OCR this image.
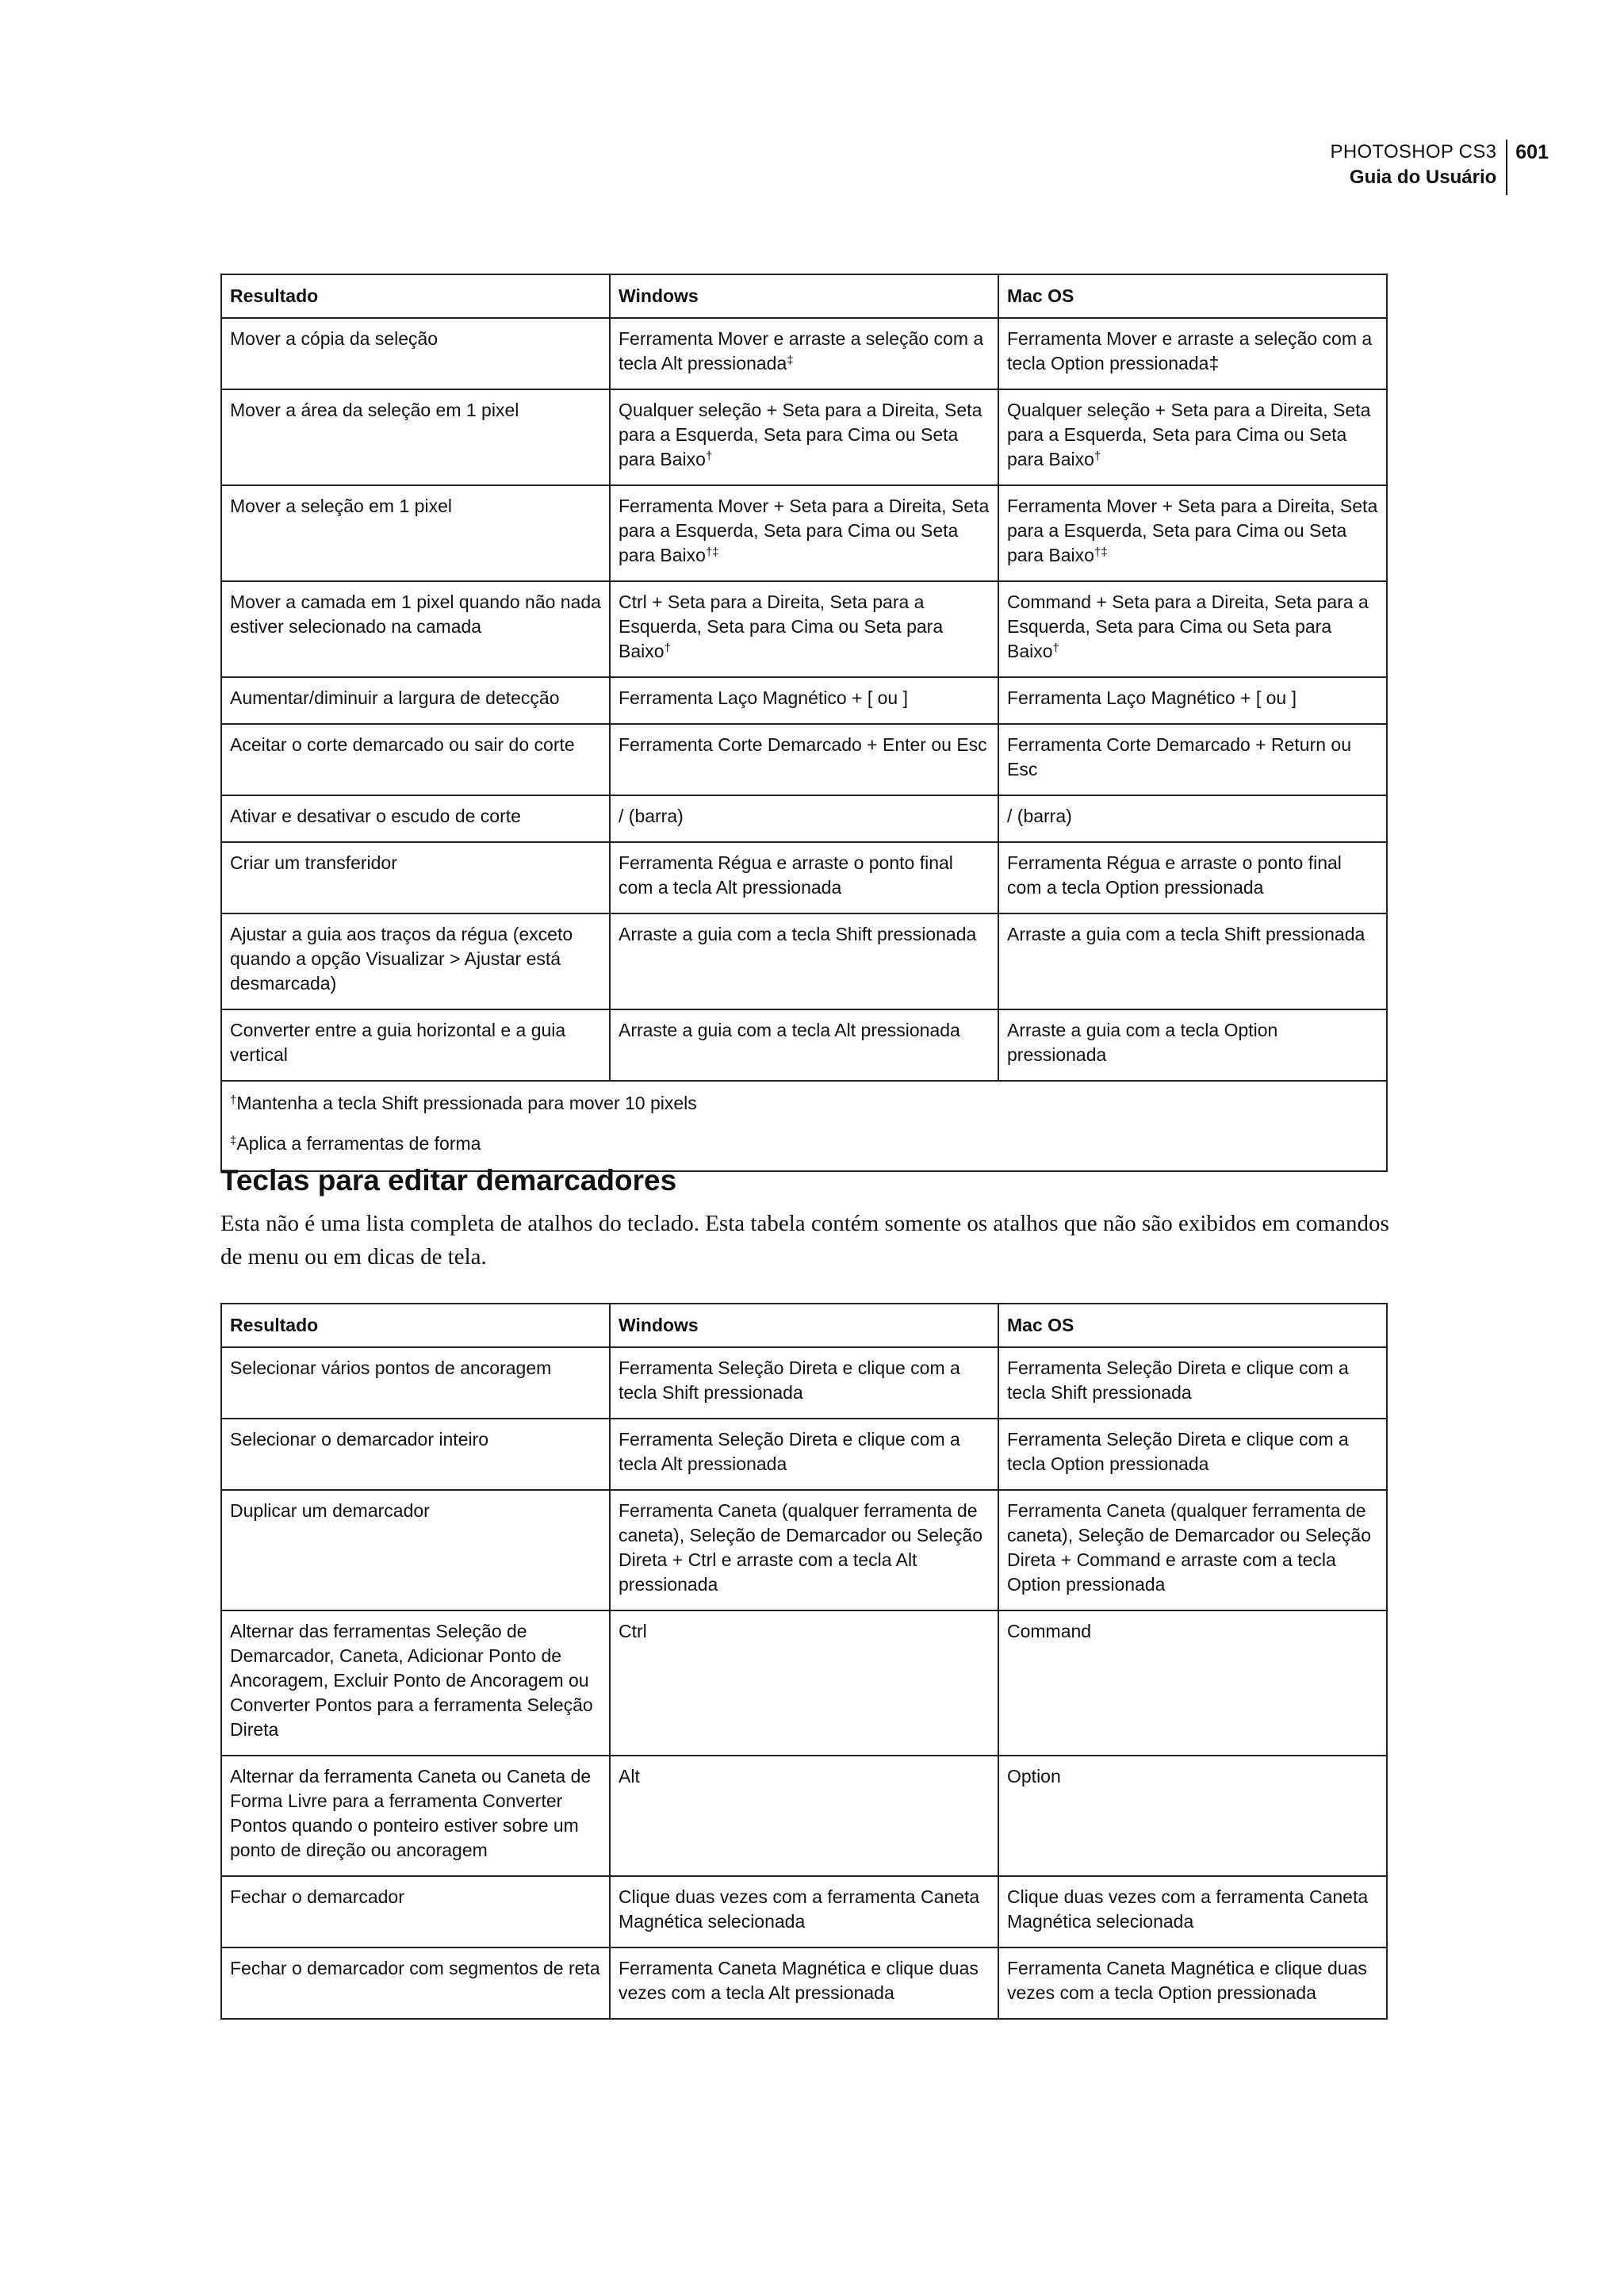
PHOTOSHOP CS3
Guia do Usuário
601
Resultado	Windows	Mac OS
Mover a cópia da seleção	Ferramenta Mover e arraste a seleção com a tecla Alt pressionada‡	Ferramenta Mover e arraste a seleção com a tecla Option pressionada‡
Mover a área da seleção em 1 pixel	Qualquer seleção + Seta para a Direita, Seta para a Esquerda, Seta para Cima ou Seta para Baixo†	Qualquer seleção + Seta para a Direita, Seta para a Esquerda, Seta para Cima ou Seta para Baixo†
Mover a seleção em 1 pixel	Ferramenta Mover + Seta para a Direita, Seta para a Esquerda, Seta para Cima ou Seta para Baixo†‡	Ferramenta Mover + Seta para a Direita, Seta para a Esquerda, Seta para Cima ou Seta para Baixo†‡
Mover a camada em 1 pixel quando não nada estiver selecionado na camada	Ctrl + Seta para a Direita, Seta para a Esquerda, Seta para Cima ou Seta para Baixo†	Command + Seta para a Direita, Seta para a Esquerda, Seta para Cima ou Seta para Baixo†
Aumentar/diminuir a largura de detecção	Ferramenta Laço Magnético + [ ou ]	Ferramenta Laço Magnético + [ ou ]
Aceitar o corte demarcado ou sair do corte	Ferramenta Corte Demarcado + Enter ou Esc	Ferramenta Corte Demarcado + Return ou Esc
Ativar e desativar o escudo de corte	/ (barra)	/ (barra)
Criar um transferidor	Ferramenta Régua e arraste o ponto final com a tecla Alt pressionada	Ferramenta Régua e arraste o ponto final com a tecla Option pressionada
Ajustar a guia aos traços da régua (exceto quando a opção Visualizar > Ajustar está desmarcada)	Arraste a guia com a tecla Shift pressionada	Arraste a guia com a tecla Shift pressionada
Converter entre a guia horizontal e a guia vertical	Arraste a guia com a tecla Alt pressionada	Arraste a guia com a tecla Option pressionada

†Mantenha a tecla Shift pressionada para mover 10 pixels
‡Aplica a ferramentas de forma		
Teclas para editar demarcadores

Esta não é uma lista completa de atalhos do teclado. Esta tabela contém somente os atalhos que não são exibidos em comandos de menu ou em dicas de tela.

Resultado	Windows	Mac OS
Selecionar vários pontos de ancoragem	Ferramenta Seleção Direta e clique com a tecla Shift pressionada	Ferramenta Seleção Direta e clique com a tecla Shift pressionada
Selecionar o demarcador inteiro	Ferramenta Seleção Direta e clique com a tecla Alt pressionada	Ferramenta Seleção Direta e clique com a tecla Option pressionada
Duplicar um demarcador	Ferramenta Caneta (qualquer ferramenta de caneta), Seleção de Demarcador ou Seleção Direta + Ctrl e arraste com a tecla Alt pressionada	Ferramenta Caneta (qualquer ferramenta de caneta), Seleção de Demarcador ou Seleção Direta + Command e arraste com a tecla Option pressionada
Alternar das ferramentas Seleção de Demarcador, Caneta, Adicionar Ponto de Ancoragem, Excluir Ponto de Ancoragem ou Converter Pontos para a ferramenta Seleção Direta	Ctrl	Command
Alternar da ferramenta Caneta ou Caneta de Forma Livre para a ferramenta Converter Pontos quando o ponteiro estiver sobre um ponto de direção ou ancoragem	Alt	Option
Fechar o demarcador	Clique duas vezes com a ferramenta Caneta Magnética selecionada	Clique duas vezes com a ferramenta Caneta Magnética selecionada
Fechar o demarcador com segmentos de reta	Ferramenta Caneta Magnética e clique duas vezes com a tecla Alt pressionada	Ferramenta Caneta Magnética e clique duas vezes com a tecla Option pressionada
